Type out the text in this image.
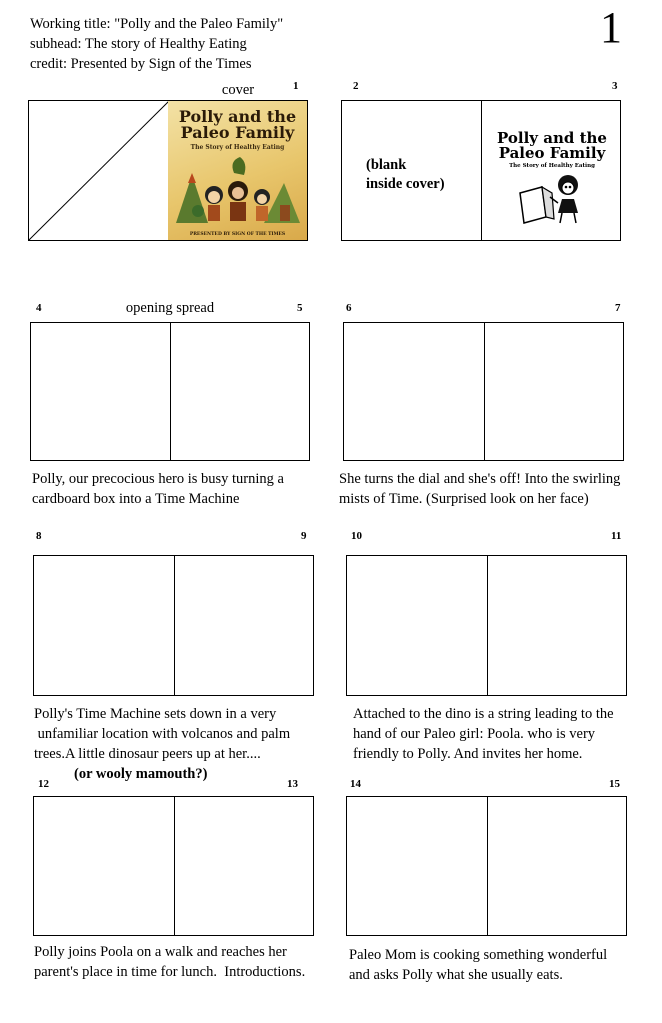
Working title: "Polly and the Paleo Family"
subhead: The story of Healthy Eating
credit: Presented by Sign of the Times
1
cover	1
Polly and the
Paleo Family
The Story of Healthy Eating
PRESENTED BY SIGN OF THE TIMES
2	3
(blank
inside cover)
Polly and the
Paleo Family
The Story of Healthy Eating
4	opening spread	5
Polly, our precocious hero is busy turning a
cardboard box into a Time Machine
6	7
She turns the dial and she's off! Into the swirling
mists of Time. (Surprised look on her face)
8	9
Polly's Time Machine sets down in a very
unfamiliar location with volcanos and palm
trees.A little dinosaur peers up at her....
(or wooly mamouth?)
10	11
Attached to the dino is a string leading to the
hand of our Paleo girl: Poola. who is very
friendly to Polly. And invites her home.
12	13
Polly joins Poola on a walk and reaches her
parent's place in time for lunch.  Introductions.
14	15
Paleo Mom is cooking something wonderful
and asks Polly what she usually eats.
